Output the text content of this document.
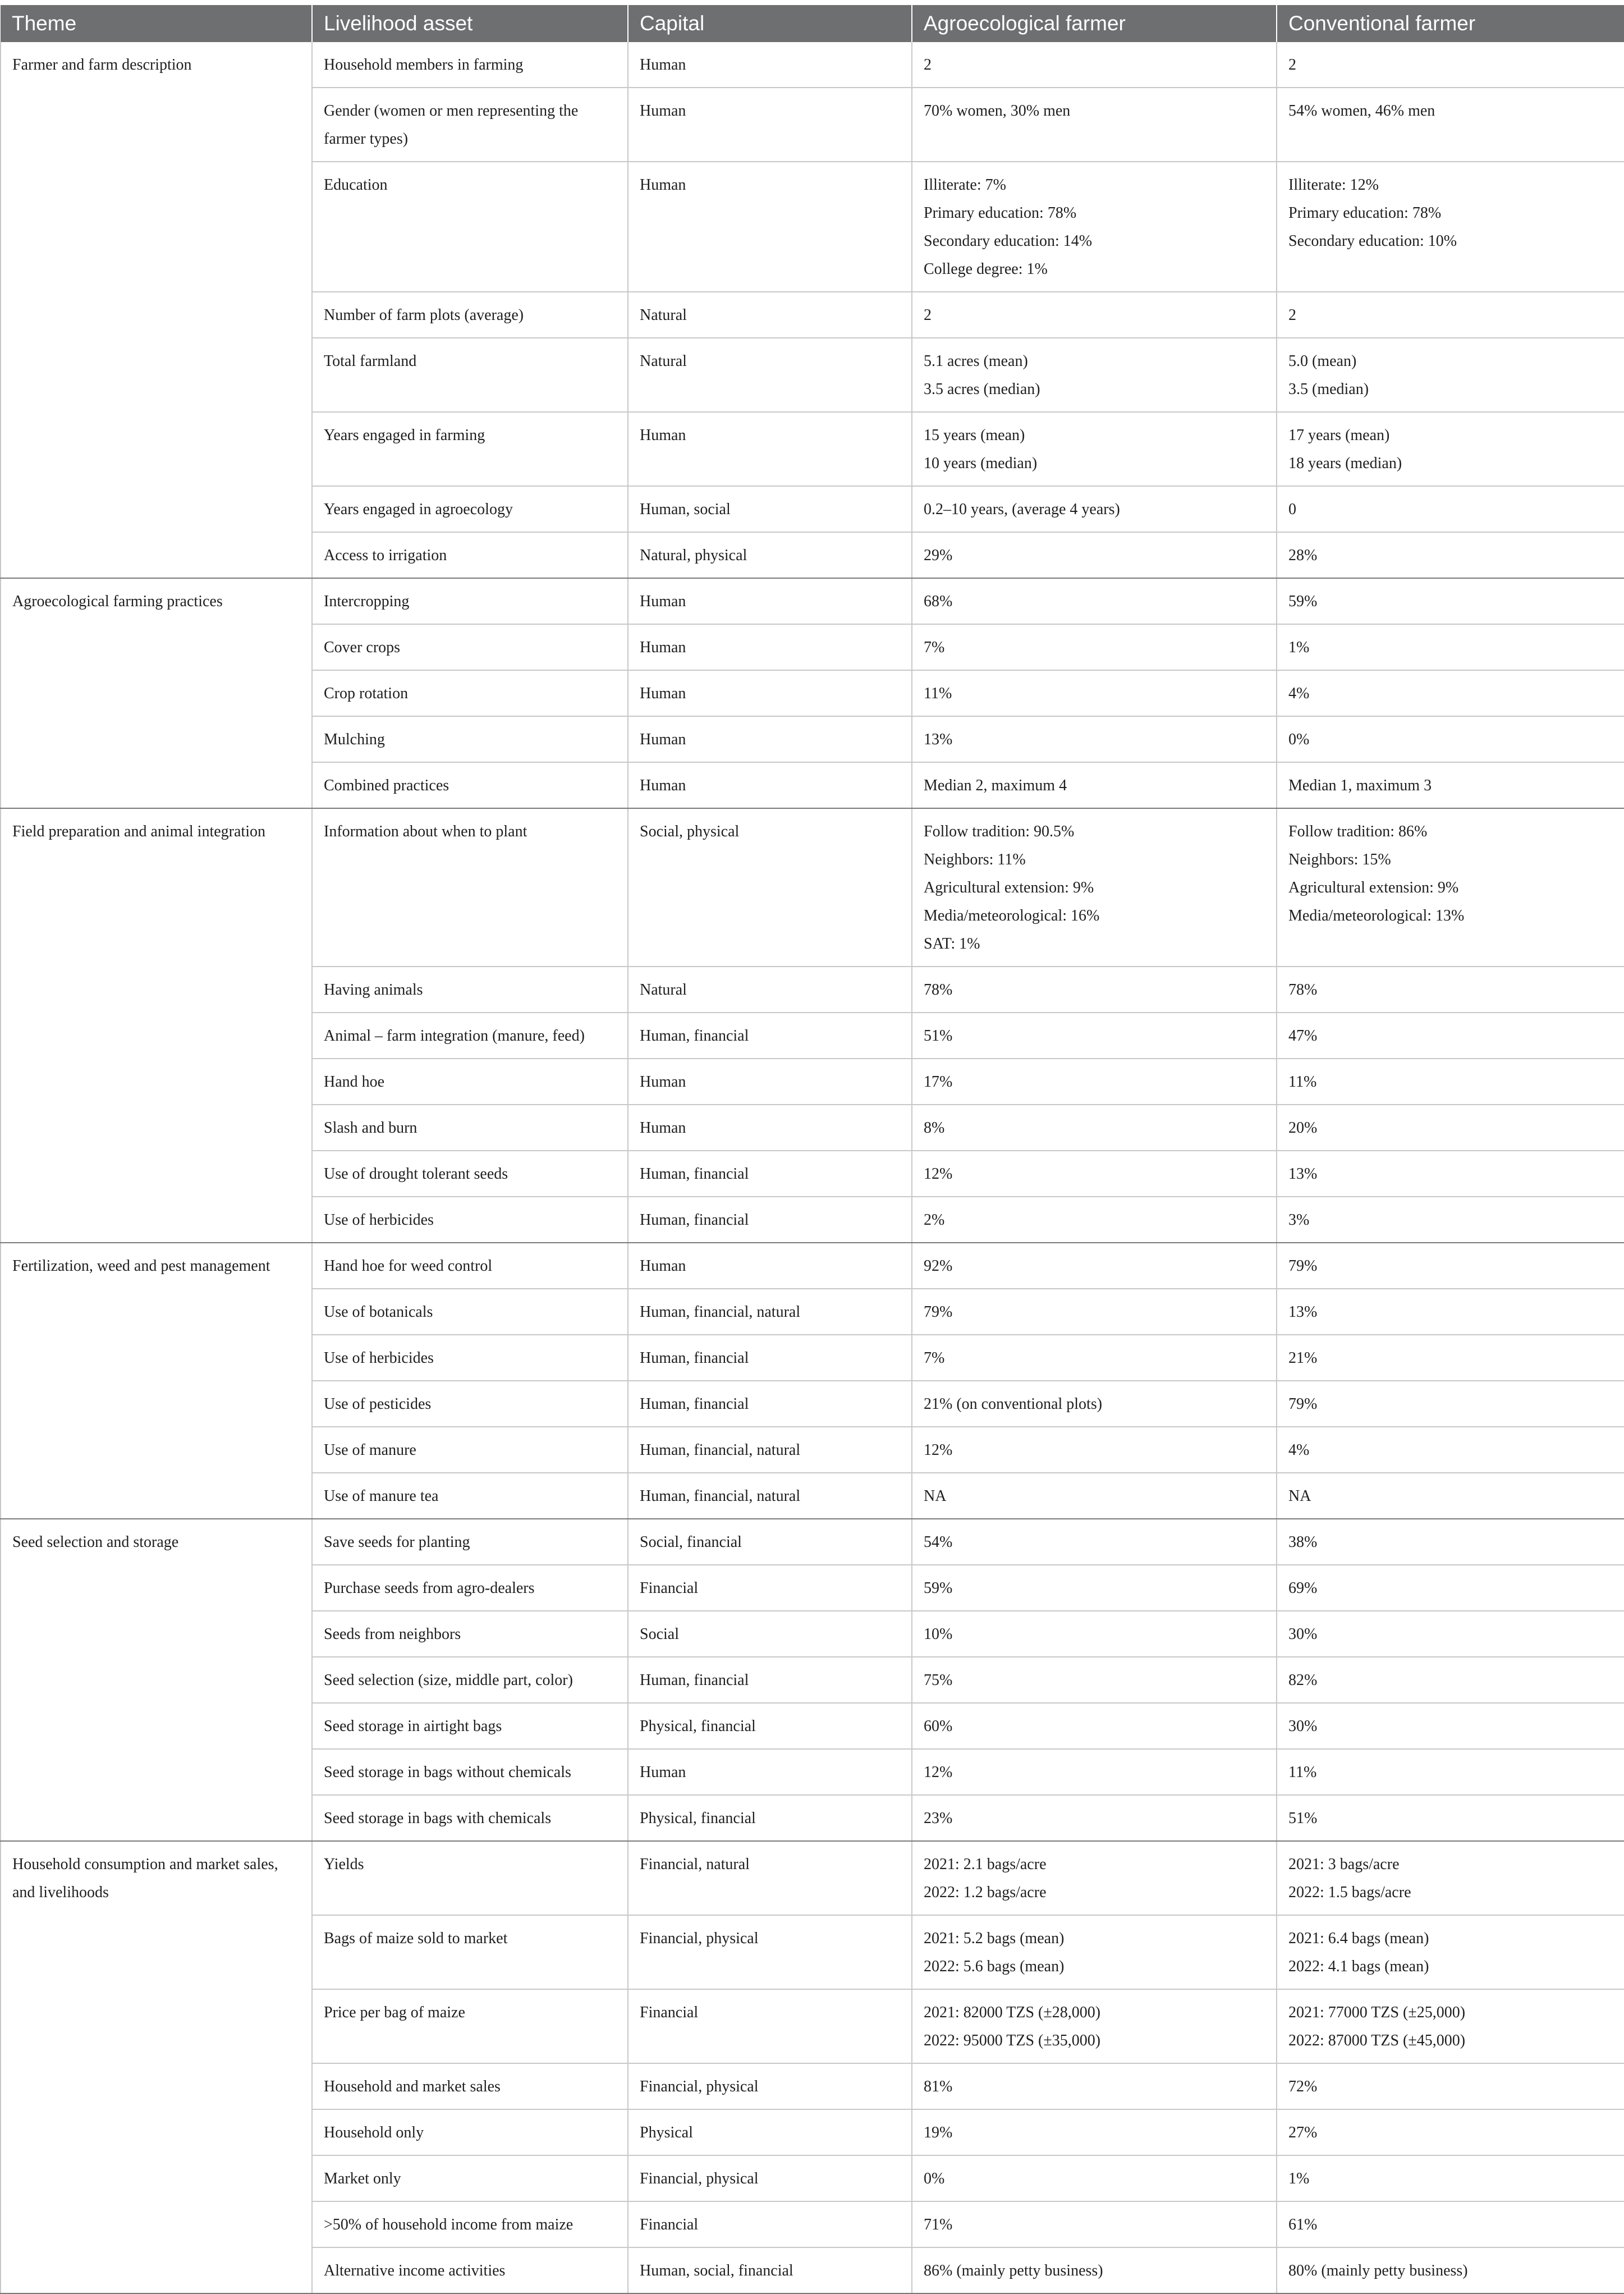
Theme	Livelihood asset	Capital	Agroecological farmer	Conventional farmer
Farmer and farm description	Household members in farming	Human	2	2

	Gender (women or men representing the farmer types)	Human	70% women, 30% men	54% women, 46% men

	Education	Human	Illiterate: 7%
Primary education: 78%
Secondary education: 14%
College degree: 1%	Illiterate: 12%
Primary education: 78%
Secondary education: 10%

	Number of farm plots (average)	Natural	2	2

	Total farmland	Natural	5.1 acres (mean)
3.5 acres (median)	5.0 (mean)
3.5 (median)

	Years engaged in farming	Human	15 years (mean)
10 years (median)	17 years (mean)
18 years (median)

	Years engaged in agroecology	Human, social	0.2–10 years, (average 4 years)	0

	Access to irrigation	Natural, physical	29%	28%

Agroecological farming practices	Intercropping	Human	68%	59%

	Cover crops	Human	7%	1%

	Crop rotation	Human	11%	4%

	Mulching	Human	13%	0%

	Combined practices	Human	Median 2, maximum 4	Median 1, maximum 3

Field preparation and animal integration	Information about when to plant	Social, physical	Follow tradition: 90.5%
Neighbors: 11%
Agricultural extension: 9%
Media/meteorological: 16%
SAT: 1%	Follow tradition: 86%
Neighbors: 15%
Agricultural extension: 9%
Media/meteorological: 13%

	Having animals	Natural	78%	78%

	Animal – farm integration (manure, feed)	Human, financial	51%	47%

	Hand hoe	Human	17%	11%

	Slash and burn	Human	8%	20%

	Use of drought tolerant seeds	Human, financial	12%	13%

	Use of herbicides	Human, financial	2%	3%

Fertilization, weed and pest management	Hand hoe for weed control	Human	92%	79%

	Use of botanicals	Human, financial, natural	79%	13%

	Use of herbicides	Human, financial	7%	21%

	Use of pesticides	Human, financial	21% (on conventional plots)	79%

	Use of manure	Human, financial, natural	12%	4%

	Use of manure tea	Human, financial, natural	NA	NA

Seed selection and storage	Save seeds for planting	Social, financial	54%	38%

	Purchase seeds from agro-dealers	Financial	59%	69%

	Seeds from neighbors	Social	10%	30%

	Seed selection (size, middle part, color)	Human, financial	75%	82%

	Seed storage in airtight bags	Physical, financial	60%	30%

	Seed storage in bags without chemicals	Human	12%	11%

	Seed storage in bags with chemicals	Physical, financial	23%	51%

Household consumption and market sales, and livelihoods	Yields	Financial, natural	2021: 2.1 bags/acre
2022: 1.2 bags/acre	2021: 3 bags/acre
2022: 1.5 bags/acre

	Bags of maize sold to market	Financial, physical	2021: 5.2 bags (mean)
2022: 5.6 bags (mean)	2021: 6.4 bags (mean)
2022: 4.1 bags (mean)

	Price per bag of maize	Financial	2021: 82000 TZS (±28,000)
2022: 95000 TZS (±35,000)	2021: 77000 TZS (±25,000)
2022: 87000 TZS (±45,000)

	Household and market sales	Financial, physical	81%	72%

	Household only	Physical	19%	27%

	Market only	Financial, physical	0%	1%

	>50% of household income from maize	Financial	71%	61%

	Alternative income activities	Human, social, financial	86% (mainly petty business)	80% (mainly petty business)
